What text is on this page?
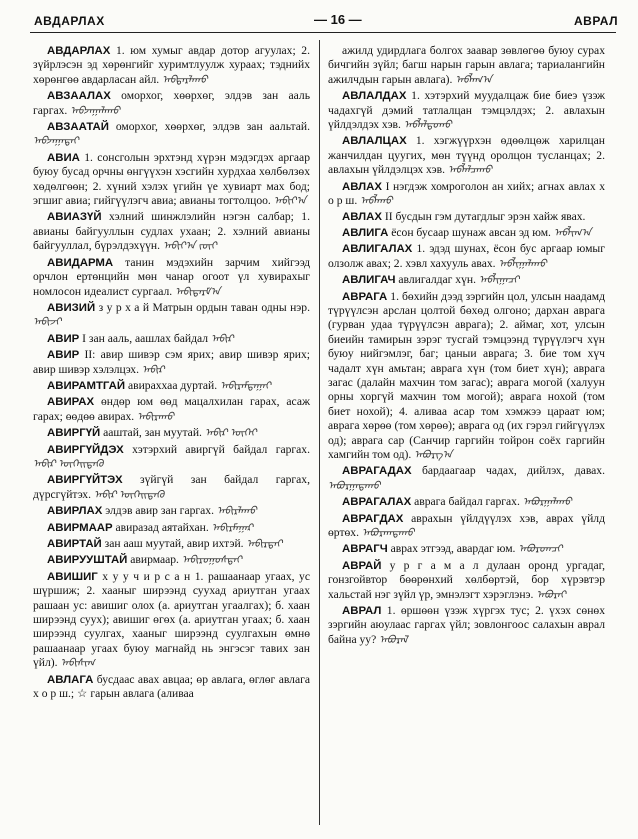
АВДАРЛАХ	— 16 —	АВРАЛ
АВДАРЛАХ 1. юм хумыг авдар дотор агуулах; 2. зүйрлэсэн эд хөрөнгийг хуримтлуулж хураах; тэднийх хөрөнгөө авдарласан айл. ᠠᠪᠳᠠᠷᠯᠠᠬᠤ
АВЗААЛАХ оморхог, хөөрхөг, элдэв зан ааль гаргах. ᠠᠪᠵᠠᠭᠠᠯᠠᠬᠤ
АВЗААТАЙ оморхог, хөөрхөг, элдэв зан аальтай. ᠠᠪᠵᠠᠭᠠᠲᠠᠢ
АВИА 1. сонсголын эрхтэнд хүрэн мэдэгдэх аргаар буюу бусад орчны өнгүүхэн хэсгийн хурдхаа хөлбөлзөх хөдөлгөөн; 2. хүний хэлэх үгийн үе хувиарт мах бод; эгшиг авиа; гийгүүлэгч авиа; авианы тогтолцоо. ᠠᠪᠢᠶ᠎ᠠ
АВИАЗҮЙ хэлний шинжлэлийн нэгэн салбар; 1. авианы байгууллын судлах ухаан; 2. хэлний авианы байгууллал, бүрэлдэхүүн. ᠠᠪᠢᠶ᠎ᠠ ᠵᠦᠢ
АВИДАРМА танин мэдэхийн зарчим хийгээд орчлон ертөнцийн мөн чанар огоот үл хувирахыг номлосон идеалист сургаал. ᠠᠪᠢᠳᠠᠷᠮ᠎ᠠ
АВИЗИЙ з у р х а й Матрын ордын таван одны нэр. ᠠᠪᠢᠵᠢ
АВИР I зан ааль, аашлах байдал ᠠᠪᠢᠷ
АВИР II: авир шивэр сэм ярих; авир шивэр ярих; авир шивэр хэлэлцэх. ᠠᠪᠢᠷ
АВИРАМТГАЙ авираххаа дуртай. ᠠᠪᠢᠷᠠᠮᠲᠠᠭᠠᠢ
АВИРАХ өндөр юм өөд мацалхилан гарах, асаж гарах; өөдөө авирах. ᠠᠪᠢᠷᠠᠬᠤ
АВИРГҮЙ ааштай, зан муутай. ᠠᠪᠢᠷ ᠦᠭᠡᠢ
АВИРГҮЙДЭХ хэтэрхий авиргүй байдал гаргах. ᠠᠪᠢᠷ ᠦᠭᠡᠢᠳᠡᠬᠦ
АВИРГҮЙТЭХ зүйгүй зан байдал гаргах, дүрсгүйтэх. ᠠᠪᠢᠷ ᠦᠭᠡᠢᠲᠡᠬᠦ
АВИРЛАХ элдэв авир зан гаргах. ᠠᠪᠢᠷᠯᠠᠬᠤ
АВИРМААР авиразад аятайхан. ᠠᠪᠢᠷᠮᠠᠭᠠᠷ
АВИРТАЙ зан ааш муутай, авир ихтэй. ᠠᠪᠢᠷᠲᠠᠢ
АВИРУУШТАЙ авирмаар. ᠠᠪᠢᠷᠤᠭᠤᠰᠲᠠᠢ
АВИШИГ х у у ч и р с а н 1. рашаанаар угаах, ус шүршиж; 2. хааныг ширээнд суухад ариутган угаах рашаан ус: авишиг олох (а. ариутган угаалгах); б. хаан ширээнд суух); авишиг өгөх (а. ариутган угаах; б. хаан ширээнд суулгах, хааныг ширээнд суулгахын өмнө рашаанаар угаах буюу магнайд нь энгэсэг тавих зан үйл). ᠠᠪᠢᠰᠢᠭ
АВЛАГА бусдаас авах авцаа; өр авлага, өглөг авлага х о р ш.; ☆ гарын авлага (аливаа
ажилд удирдлага болгох заавар зөвлөгөө буюу сурах бичгийн зүйл; багш нарын гарын авлага; тариалангийн ажилчдын гарын авлага). ᠠᠪᠯᠠᠭ᠎ᠠ
АВЛАЛДАХ 1. хэтэрхий муудалцаж бие биеэ үзэж чадахгүй дэмий татлалцан тэмцэлдэх; 2. авлахын үйлдэлдэх хэв. ᠠᠪᠯᠠᠯᠳᠤᠬᠤ
АВЛАЛЦАХ 1. хэгжүүрхэн өдөөлцөж харилцан жанчилдан цуугих, мөн түүнд оролцон тусланцах; 2. авлахын үйлдэлцэх хэв. ᠠᠪᠯᠠᠯᠴᠠᠬᠤ
АВЛАХ I нэгдэж хомроголон ан хийх; агнах авлах х о р ш. ᠠᠪᠯᠠᠬᠤ
АВЛАХ II бусдын гэм дутагдлыг эрэн хайж явах.
АВЛИГА ёсон бусаар шунаж авсан эд юм. ᠠᠪᠯᠢᠭ᠎ᠠ
АВЛИГАЛАХ 1. эдэд шунах, ёсон бус аргаар юмыг олзолж авах; 2. хэвл хахууль авах. ᠠᠪᠯᠢᠭᠠᠯᠠᠬᠤ
АВЛИГАЧ авлигалдаг хүн. ᠠᠪᠯᠢᠭᠠᠴᠢ
АВРАГА 1. бөхийн дээд зэргийн цол, улсын наадамд түрүүлсэн арслан цолтой бөхөд олгоно; дархан аврага (гурван удаа түрүүлсэн аврага); 2. аймаг, хот, улсын биеийн тамирын зэрэг тусгай тэмцээнд түрүүлэгч хүн буюу нийгэмлэг, баг; цаныи аврага; 3. бие том хүч чадалт хүн амьтан; аврага хүн (том биет хүн); аврага загас (далайн махчин том загас); аврага могой (халуун орны хоргүй махчин том могой); аврага нохой (том биет нохой); 4. аливаа асар том хэмжээ цараат юм; аврага хөрөө (том хөрөө); аврага од (их гэрэл гийгүүлэх од); аврага сар (Санчир гаргийн тойрон соёх гаргийн хамгийн том од). ᠠᠪᠤᠷᠭ᠎ᠠ
АВРАГАДАХ бардаагаар чадах, дийлэх, давах. ᠠᠪᠤᠷᠭᠠᠳᠠᠬᠤ
АВРАГАЛАХ аврага байдал гаргах. ᠠᠪᠤᠷᠭᠠᠯᠠᠬᠤ
АВРАГДАХ аврахын үйлдүүлэх хэв, аврах үйлд өртөх. ᠠᠪᠤᠷᠠᠭᠳᠠᠬᠤ
АВРАГЧ аврах этгээд, авардаг юм. ᠠᠪᠤᠷᠤᠭᠴᠢ
АВРАЙ у р г а м а л дулаан оронд ургадаг, гонзгойвтор бөөрөнхий хөлбөртэй, бор хүрэвтэр хальстай нэг зүйл үр, эмнэлэгт хэрэглэнэ. ᠠᠪᠤᠷᠠᠢ
АВРАЛ 1. өршөөн үзэж хүргэх тус; 2. үхэх сөнөх зэргийн аюулаас гаргах үйл; зовлонгоос салахын аврал байна уу? ᠠᠪᠤᠷᠠᠯ
